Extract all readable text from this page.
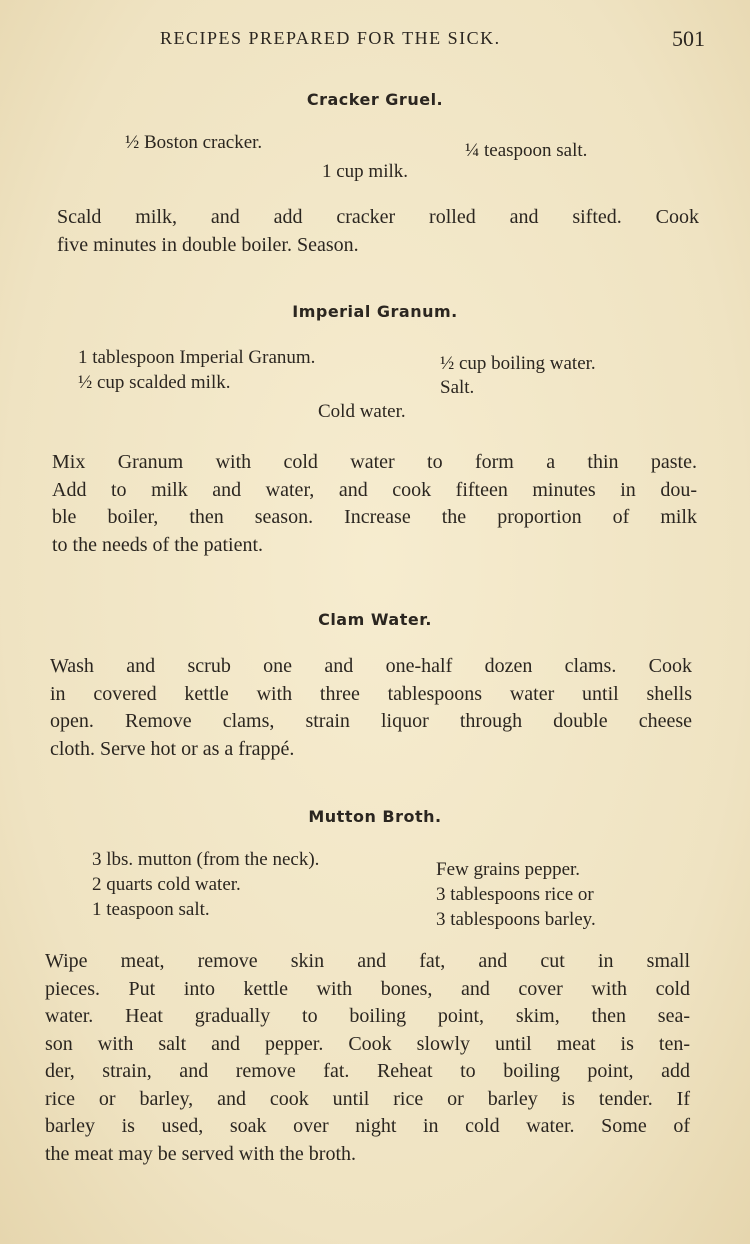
RECIPES PREPARED FOR THE SICK.	501
Cracker Gruel.
½ Boston cracker.	¼ teaspoon salt.
1 cup milk.

Scald milk, and add cracker rolled and sifted. Cook
five minutes in double boiler. Season.

Imperial Granum.
1 tablespoon Imperial Granum.
½ cup scalded milk.
½ cup boiling water.
Salt.
Cold water.

Mix Granum with cold water to form a thin paste.
Add to milk and water, and cook fifteen minutes in dou-
ble boiler, then season. Increase the proportion of milk
to the needs of the patient.

Clam Water.

Wash and scrub one and one-half dozen clams. Cook
in covered kettle with three tablespoons water until shells
open. Remove clams, strain liquor through double cheese
cloth. Serve hot or as a frappé.

Mutton Broth.
3 lbs. mutton (from the neck).
2 quarts cold water.
1 teaspoon salt.
Few grains pepper.
3 tablespoons rice or
3 tablespoons barley.

Wipe meat, remove skin and fat, and cut in small
pieces. Put into kettle with bones, and cover with cold
water. Heat gradually to boiling point, skim, then sea-
son with salt and pepper. Cook slowly until meat is ten-
der, strain, and remove fat. Reheat to boiling point, add
rice or barley, and cook until rice or barley is tender. If
barley is used, soak over night in cold water. Some of
the meat may be served with the broth.
